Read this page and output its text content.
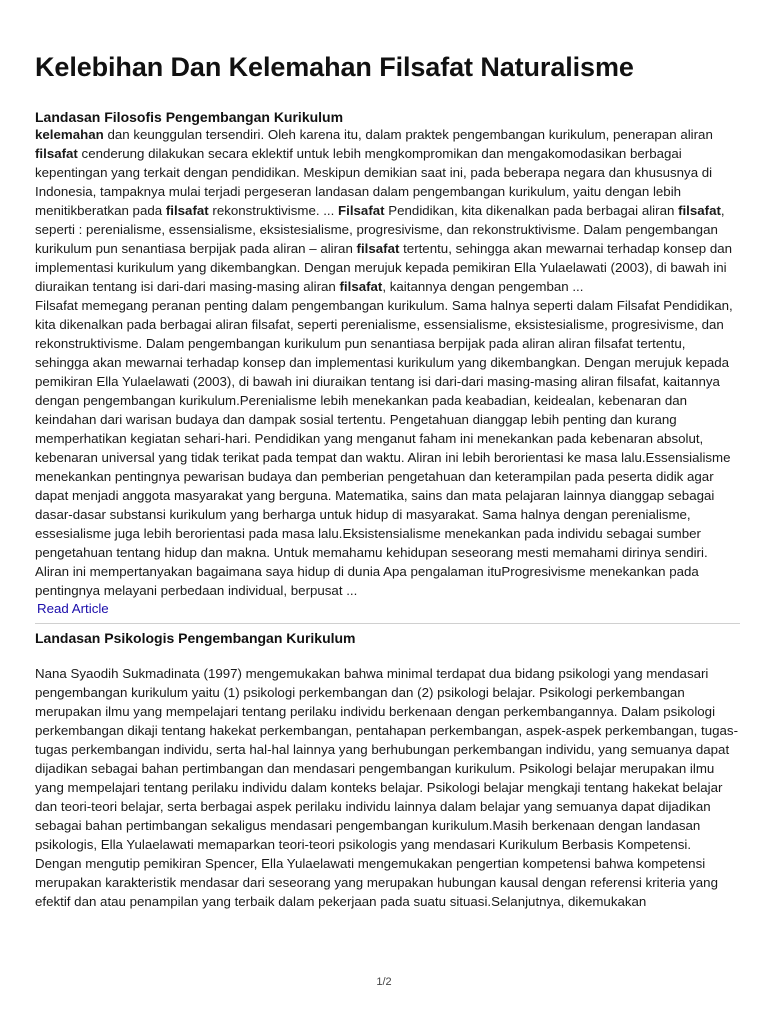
Kelebihan Dan Kelemahan Filsafat Naturalisme
Landasan Filosofis Pengembangan Kurikulum

kelemahan dan keunggulan tersendiri. Oleh karena itu, dalam praktek pengembangan kurikulum, penerapan aliran filsafat cenderung dilakukan secara eklektif untuk lebih mengkompromikan dan mengakomodasikan berbagai kepentingan yang terkait dengan pendidikan. Meskipun demikian saat ini, pada beberapa negara dan khususnya di Indonesia, tampaknya mulai terjadi pergeseran landasan dalam pengembangan kurikulum, yaitu dengan lebih menitikberatkan pada filsafat rekonstruktivisme. ... Filsafat Pendidikan, kita dikenalkan pada berbagai aliran filsafat, seperti : perenialisme, essensialisme, eksistesialisme, progresivisme, dan rekonstruktivisme. Dalam pengembangan kurikulum pun senantiasa berpijak pada aliran – aliran filsafat tertentu, sehingga akan mewarnai terhadap konsep dan implementasi kurikulum yang dikembangkan. Dengan merujuk kepada pemikiran Ella Yulaelawati (2003), di bawah ini diuraikan tentang isi dari-dari masing-masing aliran filsafat, kaitannya dengan pengemban ...

Filsafat memegang peranan penting dalam pengembangan kurikulum. Sama halnya seperti dalam Filsafat Pendidikan, kita dikenalkan pada berbagai aliran filsafat, seperti perenialisme, essensialisme, eksistesialisme, progresivisme, dan rekonstruktivisme. Dalam pengembangan kurikulum pun senantiasa berpijak pada aliran aliran filsafat tertentu, sehingga akan mewarnai terhadap konsep dan implementasi kurikulum yang dikembangkan. Dengan merujuk kepada pemikiran Ella Yulaelawati (2003), di bawah ini diuraikan tentang isi dari-dari masing-masing aliran filsafat, kaitannya dengan pengembangan kurikulum.Perenialisme lebih menekankan pada keabadian, keidealan, kebenaran dan keindahan dari warisan budaya dan dampak sosial tertentu. Pengetahuan dianggap lebih penting dan kurang memperhatikan kegiatan sehari-hari. Pendidikan yang menganut faham ini menekankan pada kebenaran absolut, kebenaran universal yang tidak terikat pada tempat dan waktu. Aliran ini lebih berorientasi ke masa lalu.Essensialisme menekankan pentingnya pewarisan budaya dan pemberian pengetahuan dan keterampilan pada peserta didik agar dapat menjadi anggota masyarakat yang berguna. Matematika, sains dan mata pelajaran lainnya dianggap sebagai dasar-dasar substansi kurikulum yang berharga untuk hidup di masyarakat. Sama halnya dengan perenialisme, essesialisme juga lebih berorientasi pada masa lalu.Eksistensialisme menekankan pada individu sebagai sumber pengetahuan tentang hidup dan makna. Untuk memahamu kehidupan seseorang mesti memahami dirinya sendiri. Aliran ini mempertanyakan bagaimana saya hidup di dunia Apa pengalaman ituProgresivisme menekankan pada pentingnya melayani perbedaan individual, berpusat ...

Read Article
Landasan Psikologis Pengembangan Kurikulum

Nana Syaodih Sukmadinata (1997) mengemukakan bahwa minimal terdapat dua bidang psikologi yang mendasari pengembangan kurikulum yaitu (1) psikologi perkembangan dan (2) psikologi belajar. Psikologi perkembangan merupakan ilmu yang mempelajari tentang perilaku individu berkenaan dengan perkembangannya. Dalam psikologi perkembangan dikaji tentang hakekat perkembangan, pentahapan perkembangan, aspek-aspek perkembangan, tugas-tugas perkembangan individu, serta hal-hal lainnya yang berhubungan perkembangan individu, yang semuanya dapat dijadikan sebagai bahan pertimbangan dan mendasari pengembangan kurikulum. Psikologi belajar merupakan ilmu yang mempelajari tentang perilaku individu dalam konteks belajar. Psikologi belajar mengkaji tentang hakekat belajar dan teori-teori belajar, serta berbagai aspek perilaku individu lainnya dalam belajar yang semuanya dapat dijadikan sebagai bahan pertimbangan sekaligus mendasari pengembangan kurikulum.Masih berkenaan dengan landasan psikologis, Ella Yulaelawati memaparkan teori-teori psikologis yang mendasari Kurikulum Berbasis Kompetensi. Dengan mengutip pemikiran Spencer, Ella Yulaelawati mengemukakan pengertian kompetensi bahwa kompetensi merupakan karakteristik mendasar dari seseorang yang merupakan hubungan kausal dengan referensi kriteria yang efektif dan atau penampilan yang terbaik dalam pekerjaan pada suatu situasi.Selanjutnya, dikemukakan

1/2
